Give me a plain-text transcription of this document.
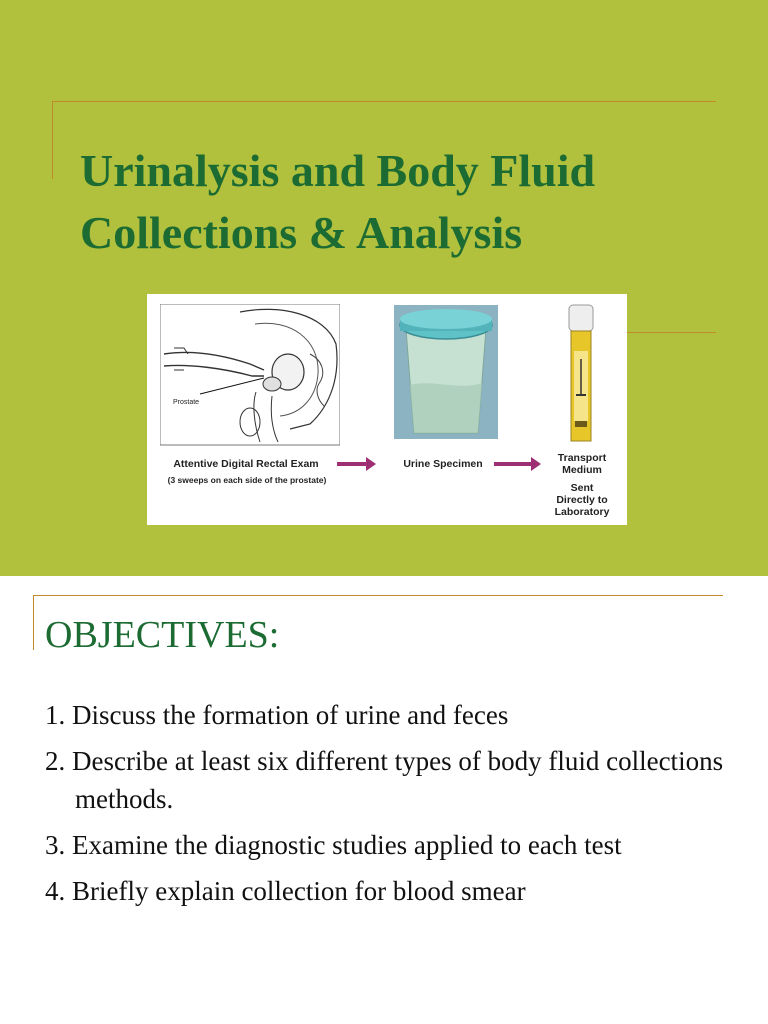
Urinalysis and Body Fluid
Collections & Analysis
Prostate
Attentive Digital Rectal Exam	Urine Specimen	Transport
Medium
(3 sweeps on each side of the prostate)
Sent
Directly to
Laboratory
OBJECTIVES:
1. Discuss the formation of urine and feces
2. Describe at least six different types of body fluid collections methods.
3. Examine the diagnostic studies applied to each test
4. Briefly explain collection for blood smear
